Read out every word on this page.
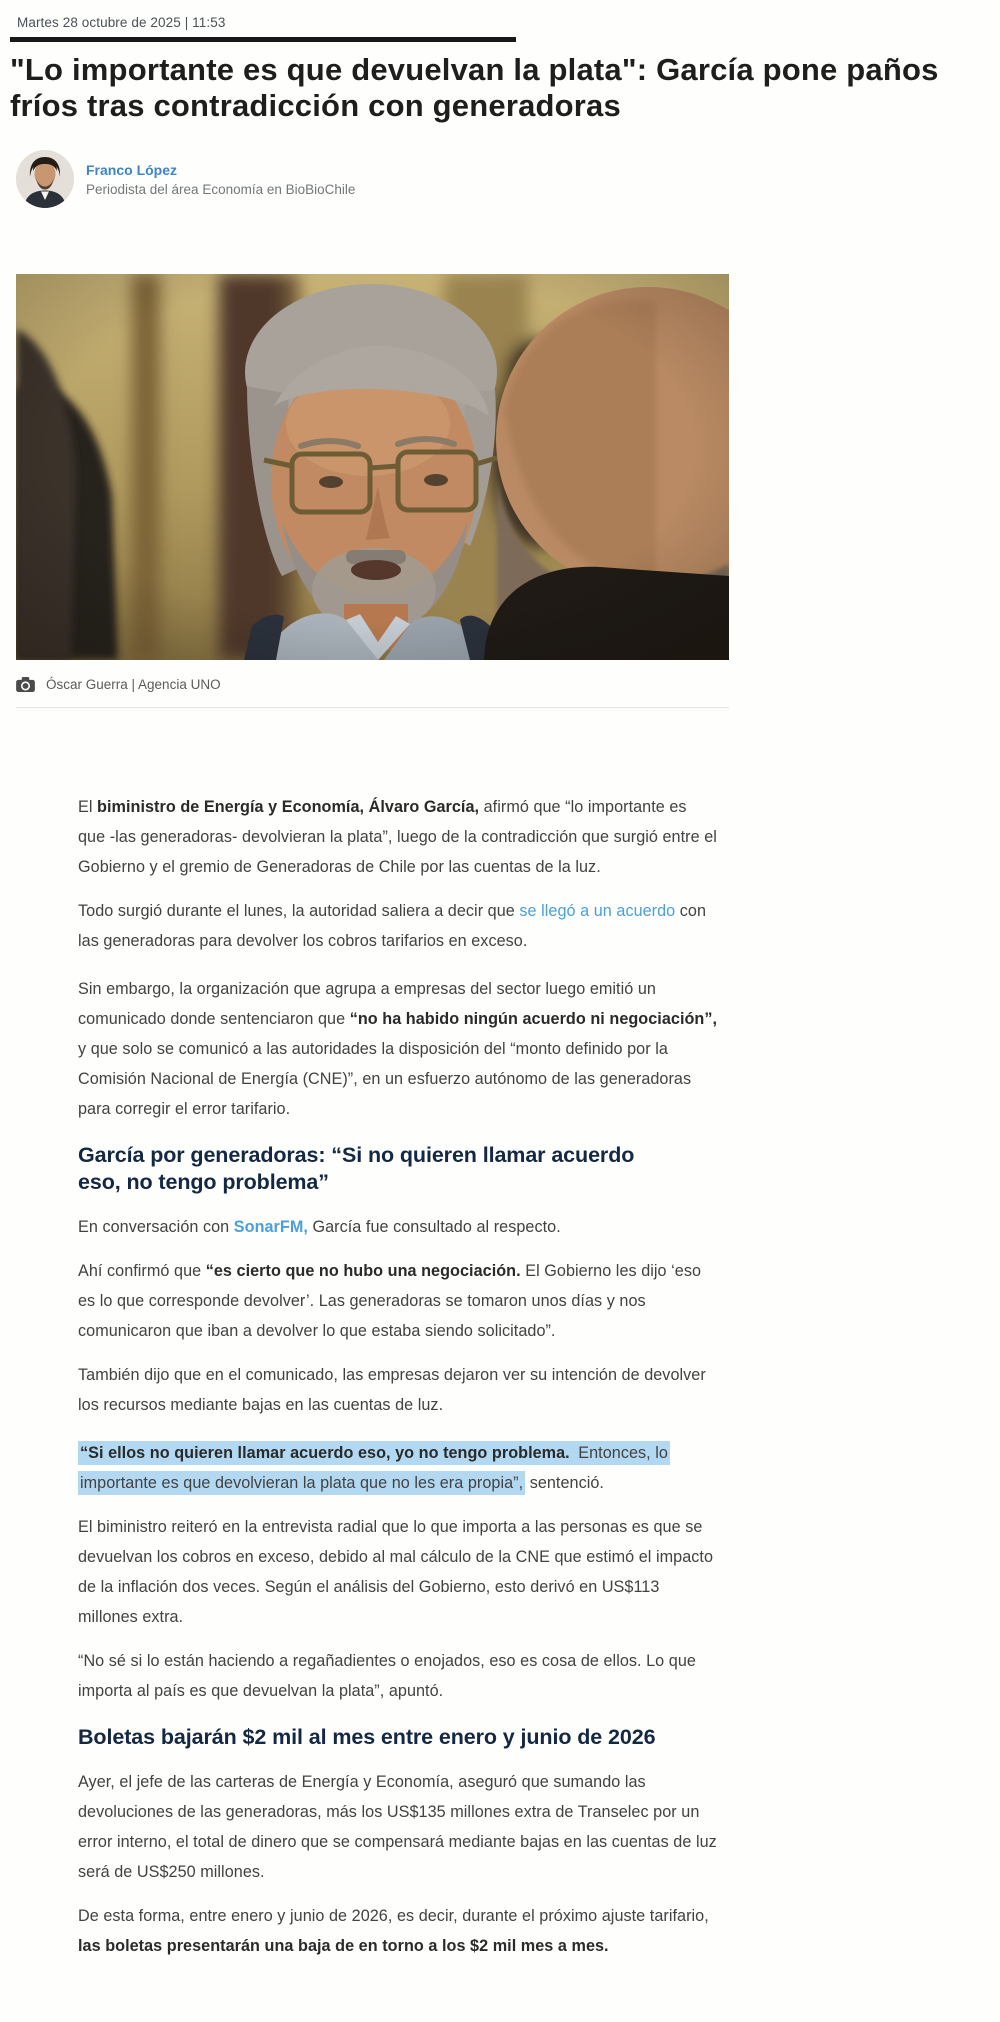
Martes 28 octubre de 2025 | 11:53
"Lo importante es que devuelvan la plata": García pone paños fríos tras contradicción con generadoras
Franco López
Periodista del área Economía en BioBioChile
Óscar Guerra | Agencia UNO

El biministro de Energía y Economía, Álvaro García, afirmó que “lo importante es que -las generadoras- devolvieran la plata”, luego de la contradicción que surgió entre el Gobierno y el gremio de Generadoras de Chile por las cuentas de la luz.

Todo surgió durante el lunes, la autoridad saliera a decir que se llegó a un acuerdo con las generadoras para devolver los cobros tarifarios en exceso.

Sin embargo, la organización que agrupa a empresas del sector luego emitió un comunicado donde sentenciaron que “no ha habido ningún acuerdo ni negociación”, y que solo se comunicó a las autoridades la disposición del “monto definido por la Comisión Nacional de Energía (CNE)”, en un esfuerzo autónomo de las generadoras para corregir el error tarifario.

García por generadoras: “Si no quieren llamar acuerdo eso, no tengo problema”

En conversación con SonarFM, García fue consultado al respecto.

Ahí confirmó que “es cierto que no hubo una negociación. El Gobierno les dijo ‘eso es lo que corresponde devolver’. Las generadoras se tomaron unos días y nos comunicaron que iban a devolver lo que estaba siendo solicitado”.

También dijo que en el comunicado, las empresas dejaron ver su intención de devolver los recursos mediante bajas en las cuentas de luz.

“Si ellos no quieren llamar acuerdo eso, yo no tengo problema. Entonces, lo importante es que devolvieran la plata que no les era propia”, sentenció.

El biministro reiteró en la entrevista radial que lo que importa a las personas es que se devuelvan los cobros en exceso, debido al mal cálculo de la CNE que estimó el impacto de la inflación dos veces. Según el análisis del Gobierno, esto derivó en US$113 millones extra.

“No sé si lo están haciendo a regañadientes o enojados, eso es cosa de ellos. Lo que importa al país es que devuelvan la plata”, apuntó.

Boletas bajarán $2 mil al mes entre enero y junio de 2026

Ayer, el jefe de las carteras de Energía y Economía, aseguró que sumando las devoluciones de las generadoras, más los US$135 millones extra de Transelec por un error interno, el total de dinero que se compensará mediante bajas en las cuentas de luz será de US$250 millones.

De esta forma, entre enero y junio de 2026, es decir, durante el próximo ajuste tarifario, las boletas presentarán una baja de en torno a los $2 mil mes a mes.
